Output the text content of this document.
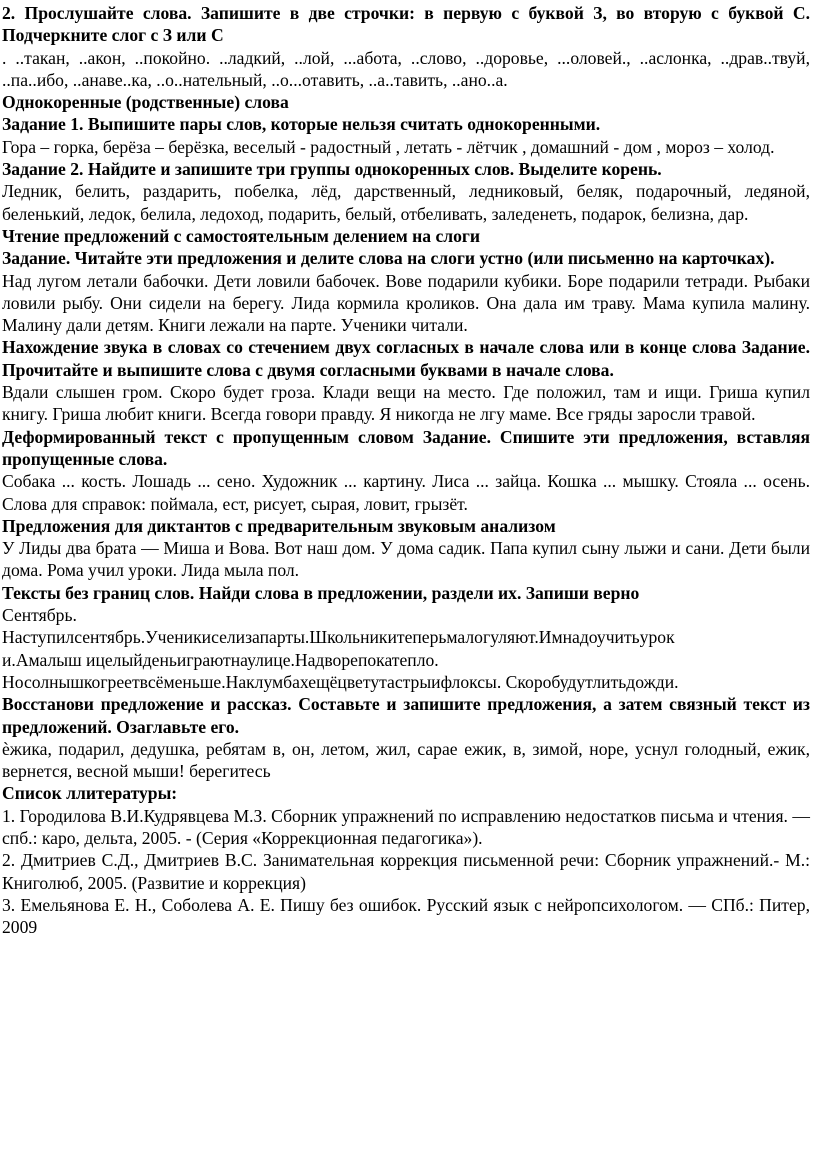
2. Прослушайте слова. Запишите в две строчки: в первую с буквой З, во вторую с буквой С. Подчеркните слог с З или С

. ..такан, ..акон, ..покойно. ..ладкий, ..лой, ...абота, ..слово, ..доровье, ...оловей., ..аслонка, ..драв..твуй, ..па..ибо, ..анаве..ка, ..о..нательный, ..о...отавить, ..а..тавить, ..ано..а.

Однокоренные (родственные) слова

Задание 1. Выпишите пары слов, которые нельзя считать однокоренными.

Гора – горка, берёза – берёзка, веселый - радостный , летать - лётчик , домашний - дом , мороз – холод.

Задание 2. Найдите и запишите три группы однокоренных слов. Выделите корень.

Ледник, белить, раздарить, побелка, лёд, дарственный, ледниковый, беляк, подарочный, ледяной, беленький, ледок, белила, ледоход, подарить, белый, отбеливать, заледенеть, подарок, белизна, дар.

Чтение предложений с самостоятельным делением на слоги

Задание. Читайте эти предложения и делите слова на слоги устно (или письменно на карточках).

Над лугом летали бабочки. Дети ловили бабочек. Вове подарили кубики. Боре подарили тетради. Рыбаки ловили рыбу. Они сидели на берегу. Лида кормила кроликов. Она дала им траву. Мама купила малину. Малину дали детям. Книги лежали на парте. Ученики читали.

Нахождение звука в словах со стечением двух согласных в начале слова или в конце слова Задание. Прочитайте и выпишите слова с двумя согласными буквами в начале слова.

Вдали слышен гром. Скоро будет гроза. Клади вещи на место. Где положил, там и ищи. Гриша купил книгу. Гриша любит книги. Всегда говори правду. Я никогда не лгу маме. Все гряды заросли травой.

Деформированный текст с пропущенным словом Задание. Спишите эти предложения, вставляя пропущенные слова.

Собака ... кость. Лошадь ... сено. Художник ... картину. Лиса ... зайца. Кошка ... мышку. Стояла ... осень. Слова для справок: поймала, ест, рисует, сырая, ловит, грызёт.

Предложения для диктантов с предварительным звуковым анализом

У Лиды два брата — Миша и Вова. Вот наш дом. У дома садик. Папа купил сыну лыжи и сани. Дети были дома. Рома учил уроки. Лида мыла пол.

Тексты без границ слов. Найди слова в предложении, раздели их. Запиши верно

Сентябрь.

Наступилсентябрь.Ученикиселизапарты.Школьникитеперьмалогуляют.Имнадоучитьурок

и.Амалыш ицелыйденьиграютнаулице.Надворепокатепло.

Носолнышкогреетвсёменьше.Наклумбахещёцветутастрыифлоксы. Скоробудутлитьдожди.

Восстанови предложение и рассказ. Составьте и запишите предложения, а затем связный текст из предложений. Озаглавьте его.

ѐжика, подарил, дедушка, ребятам в, он, летом, жил, сарае ежик, в, зимой, норе, уснул голодный, ежик, вернется, весной мыши! берегитесь

Список ллитературы:

1. Городилова В.И.Кудрявцева М.З. Сборник упражнений по исправлению недостатков письма и чтения. — спб.: каро, дельта, 2005. - (Серия «Коррекционная педагогика»).

2. Дмитриев С.Д., Дмитриев В.С. Занимательная коррекция письменной речи: Сборник упражнений.- М.: Книголюб, 2005. (Развитие и коррекция)

3. Емельянова Е. Н., Соболева А. Е. Пишу без ошибок. Русский язык с нейропсихологом. — СПб.: Питер, 2009
